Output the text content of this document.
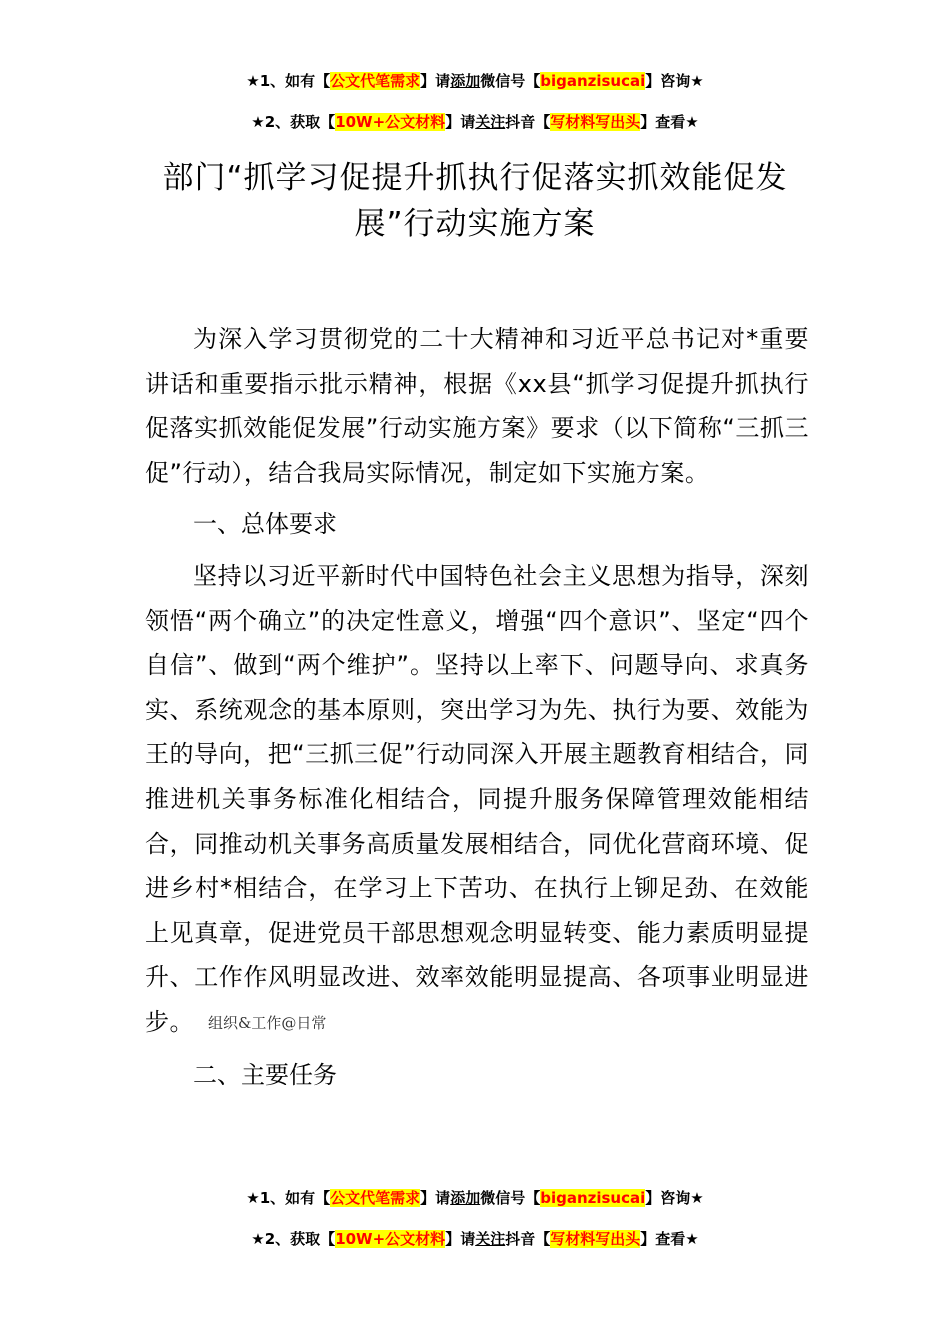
★1、如有【公文代笔需求】请添加微信号【biganzisucai】咨询★
★2、获取【10W+公文材料】请关注抖音【写材料写出头】查看★
部门“抓学习促提升抓执行促落实抓效能促发展”行动实施方案

为深入学习贯彻党的二十大精神和习近平总书记对*重要讲话和重要指示批示精神，根据《xx县“抓学习促提升抓执行促落实抓效能促发展”行动实施方案》要求（以下简称“三抓三促”行动），结合我局实际情况，制定如下实施方案。

一、总体要求

坚持以习近平新时代中国特色社会主义思想为指导，深刻领悟“两个确立”的决定性意义，增强“四个意识”、坚定“四个自信”、做到“两个维护”。坚持以上率下、问题导向、求真务实、系统观念的基本原则，突出学习为先、执行为要、效能为王的导向，把“三抓三促”行动同深入开展主题教育相结合，同推进机关事务标准化相结合，同提升服务保障管理效能相结合，同推动机关事务高质量发展相结合，同优化营商环境、促进乡村*相结合，在学习上下苦功、在执行上铆足劲、在效能上见真章，促进党员干部思想观念明显转变、能力素质明显提升、工作作风明显改进、效率效能明显提高、各项事业明显进步。 组织&工作@日常

二、主要任务

★1、如有【公文代笔需求】请添加微信号【biganzisucai】咨询★
★2、获取【10W+公文材料】请关注抖音【写材料写出头】查看★
